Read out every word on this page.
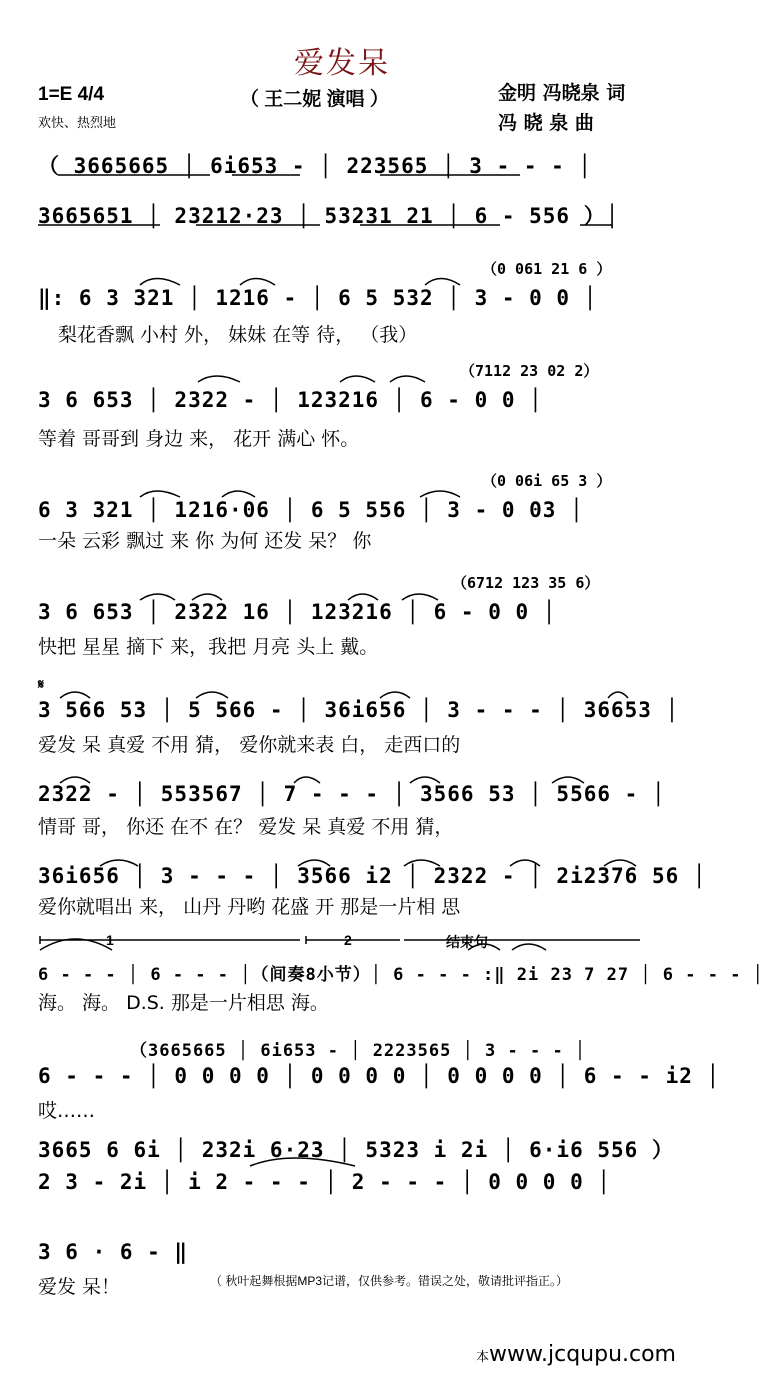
爱发呆
1=E 4/4
欢快、热烈地
（ 王二妮 演唱 ）	金明 冯晓泉 词
冯 晓 泉 曲
1	2	结束句
（ 3665665 │ 6i653 - │ 223565 │ 3 - - - │
3665651 │ 23212·23 │ 53231 21 │ 6 - 556 ）│
（0 061 21 6 ）
‖: 6 3 321 │ 1216 - │ 6 5 532 │ 3 - 0 0 │
梨花香飘 小村 外， 妹妹 在等 待， （我）
（7112 23 02 2）
3 6 653 │ 2322 - │ 123216 │ 6 - 0 0 │
等着 哥哥到 身边 来， 花开 满心 怀。
（0 06i 65 3 ）
6 3 321 │ 1216·06 │ 6 5 556 │ 3 - 0 03 │
一朵 云彩 飘过 来 你 为何 还发 呆？ 你
（6712 123 35 6）
3 6 653 │ 2322 16 │ 123216 │ 6 - 0 0 │
快把 星星 摘下 来，我把 月亮 头上 戴。
𝄋
3 566 53 │ 5 566 - │ 36i656 │ 3 - - - │ 36653 │
爱发 呆 真爱 不用 猜， 爱你就来表 白， 走西口的
2322 - │ 553567 │ 7 - - - │ 3566 53 │ 5566 - │
情哥 哥， 你还 在不 在？ 爱发 呆 真爱 不用 猜，
36i656 │ 3 - - - │ 3566 i2 │ 2322 - │ 2i2376 56 │
爱你就唱出 来， 山丹 丹哟 花盛 开 那是一片相 思
6 - - - │ 6 - - - │（间奏8小节）│ 6 - - - :‖ 2i 23 7 27 │ 6 - - - │
海。 海。 D.S. 那是一片相思 海。
（3665665 │ 6i653 - │ 2223565 │ 3 - - - │
6 - - - │ 0 0 0 0 │ 0 0 0 0 │ 0 0 0 0 │ 6 - - i2 │
哎……
3665 6 6i │ 232i 6·23 │ 5323 i 2i │ 6·i6 556 ）
2 3 - 2i │ i 2 - - - │ 2 - - - │ 0 0 0 0 │
3 6 · 6 - ‖
爱发 呆！	（ 秋叶起舞根据MP3记谱，仅供参考。错误之处，敬请批评指正。）
本www.jcqupu.com
